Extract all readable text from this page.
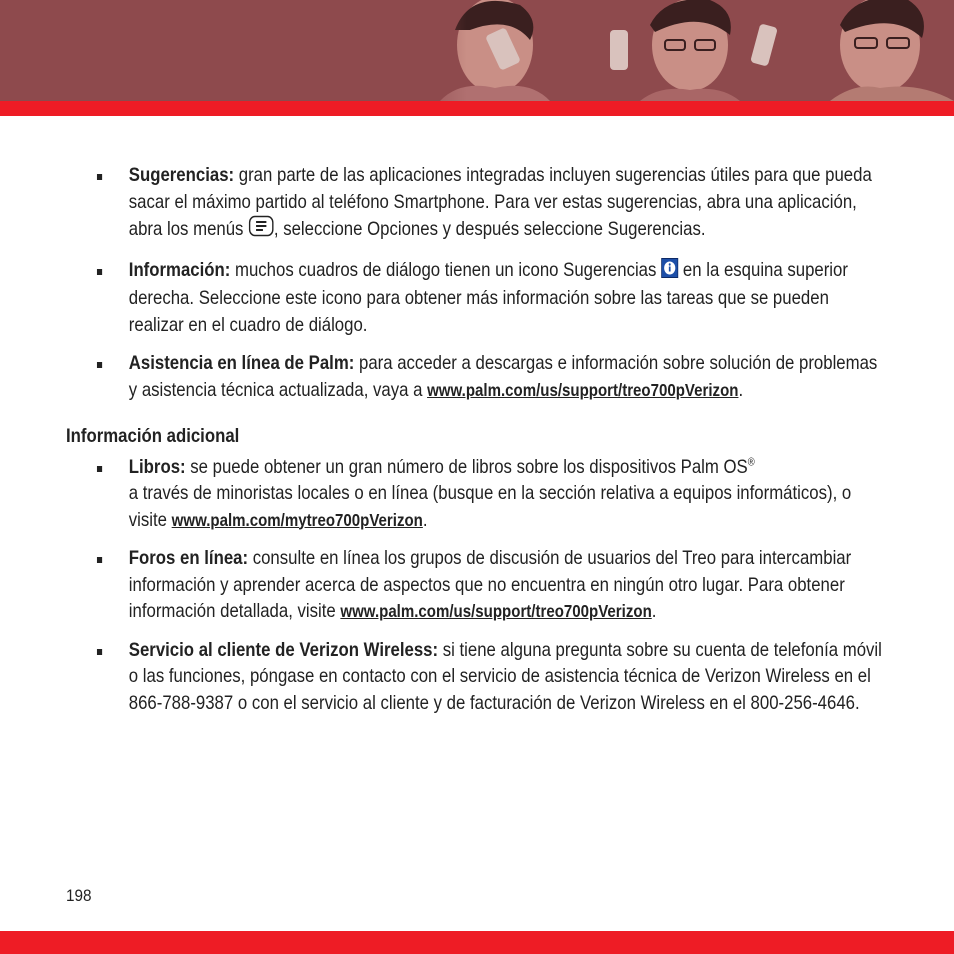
Sugerencias: gran parte de las aplicaciones integradas incluyen sugerencias útiles para que pueda sacar el máximo partido al teléfono Smartphone. Para ver estas sugerencias, abra una aplicación, abra los menús , seleccione Opciones y después seleccione Sugerencias.
Información: muchos cuadros de diálogo tienen un icono Sugerencias  en la esquina superior derecha. Seleccione este icono para obtener más información sobre las tareas que se pueden realizar en el cuadro de diálogo.
Asistencia en línea de Palm: para acceder a descargas e información sobre solución de problemas y asistencia técnica actualizada, vaya a www.palm.com/us/support/treo700pVerizon.
Información adicional
Libros: se puede obtener un gran número de libros sobre los dispositivos Palm OS®
a través de minoristas locales o en línea (busque en la sección relativa a equipos informáticos), o visite www.palm.com/mytreo700pVerizon.
Foros en línea: consulte en línea los grupos de discusión de usuarios del Treo para intercambiar información y aprender acerca de aspectos que no encuentra en ningún otro lugar. Para obtener información detallada, visite www.palm.com/us/support/treo700pVerizon.
Servicio al cliente de Verizon Wireless: si tiene alguna pregunta sobre su cuenta de telefonía móvil o las funciones, póngase en contacto con el servicio de asistencia técnica de Verizon Wireless en el 866-788-9387 o con el servicio al cliente y de facturación de Verizon Wireless en el 800-256-4646.
198
